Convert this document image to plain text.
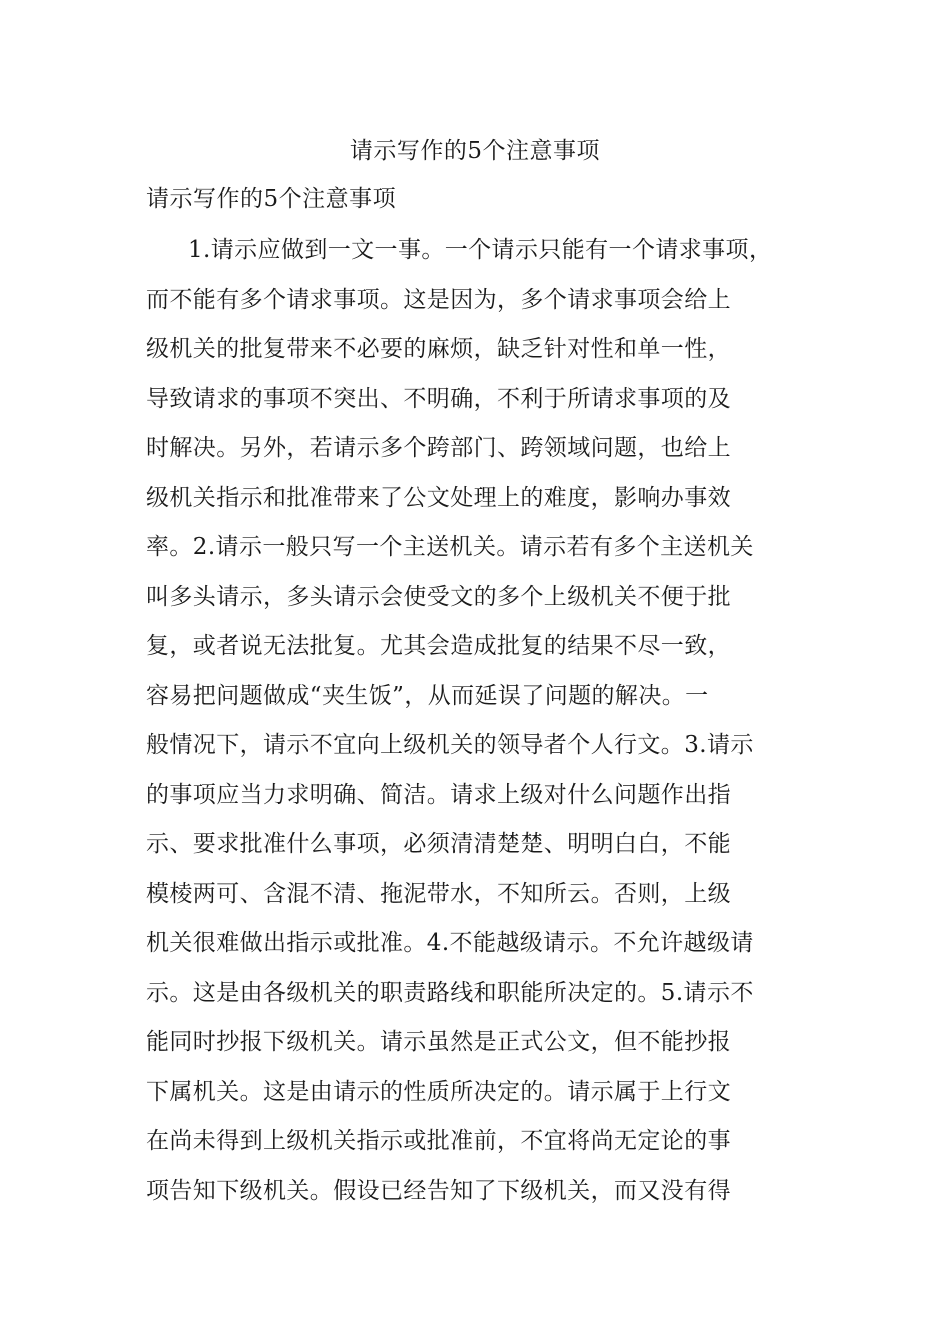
请示写作的5个注意事项
请示写作的5个注意事项
1.请示应做到一文一事。一个请示只能有一个请求事项，
而不能有多个请求事项。这是因为，多个请求事项会给上
级机关的批复带来不必要的麻烦，缺乏针对性和单一性，
导致请求的事项不突出、不明确，不利于所请求事项的及
时解决。另外，若请示多个跨部门、跨领域问题，也给上
级机关指示和批准带来了公文处理上的难度，影响办事效
率。2.请示一般只写一个主送机关。请示若有多个主送机关
叫多头请示，多头请示会使受文的多个上级机关不便于批
复，或者说无法批复。尤其会造成批复的结果不尽一致，
容易把问题做成“夹生饭”，从而延误了问题的解决。一
般情况下，请示不宜向上级机关的领导者个人行文。3.请示
的事项应当力求明确、简洁。请求上级对什么问题作出指
示、要求批准什么事项，必须清清楚楚、明明白白，不能
模棱两可、含混不清、拖泥带水，不知所云。否则，上级
机关很难做出指示或批准。4.不能越级请示。不允许越级请
示。这是由各级机关的职责路线和职能所决定的。5.请示不
能同时抄报下级机关。请示虽然是正式公文，但不能抄报
下属机关。这是由请示的性质所决定的。请示属于上行文
在尚未得到上级机关指示或批准前，不宜将尚无定论的事
项告知下级机关。假设已经告知了下级机关，而又没有得
